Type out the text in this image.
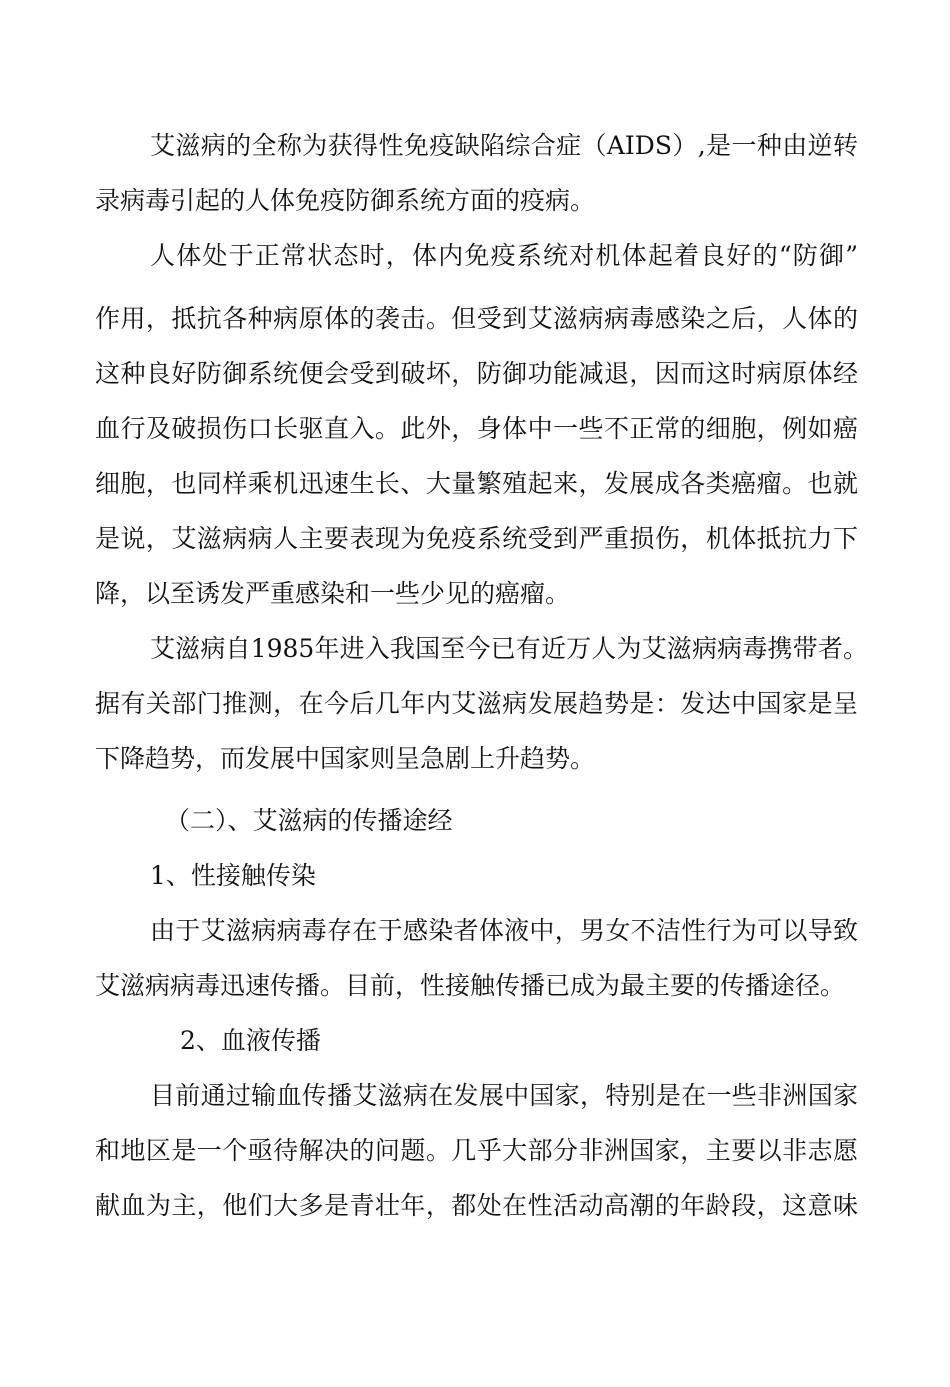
艾滋病的全称为获得性免疫缺陷综合症（AIDS）,是一种由逆转

录病毒引起的人体免疫防御系统方面的疫病。

人体处于正常状态时，体内免疫系统对机体起着良好的“防御”

作用，抵抗各种病原体的袭击。但受到艾滋病病毒感染之后，人体的

这种良好防御系统便会受到破坏，防御功能减退，因而这时病原体经

血行及破损伤口长驱直入。此外，身体中一些不正常的细胞，例如癌

细胞，也同样乘机迅速生长、大量繁殖起来，发展成各类癌瘤。也就

是说，艾滋病病人主要表现为免疫系统受到严重损伤，机体抵抗力下

降，以至诱发严重感染和一些少见的癌瘤。

艾滋病自1985年进入我国至今已有近万人为艾滋病病毒携带者。

据有关部门推测，在今后几年内艾滋病发展趋势是：发达中国家是呈

下降趋势，而发展中国家则呈急剧上升趋势。

（二）、艾滋病的传播途经

1、性接触传染

由于艾滋病病毒存在于感染者体液中，男女不洁性行为可以导致

艾滋病病毒迅速传播。目前，性接触传播已成为最主要的传播途径。

2、血液传播

目前通过输血传播艾滋病在发展中国家，特别是在一些非洲国家

和地区是一个亟待解决的问题。几乎大部分非洲国家，主要以非志愿

献血为主，他们大多是青壮年，都处在性活动高潮的年龄段，这意味
